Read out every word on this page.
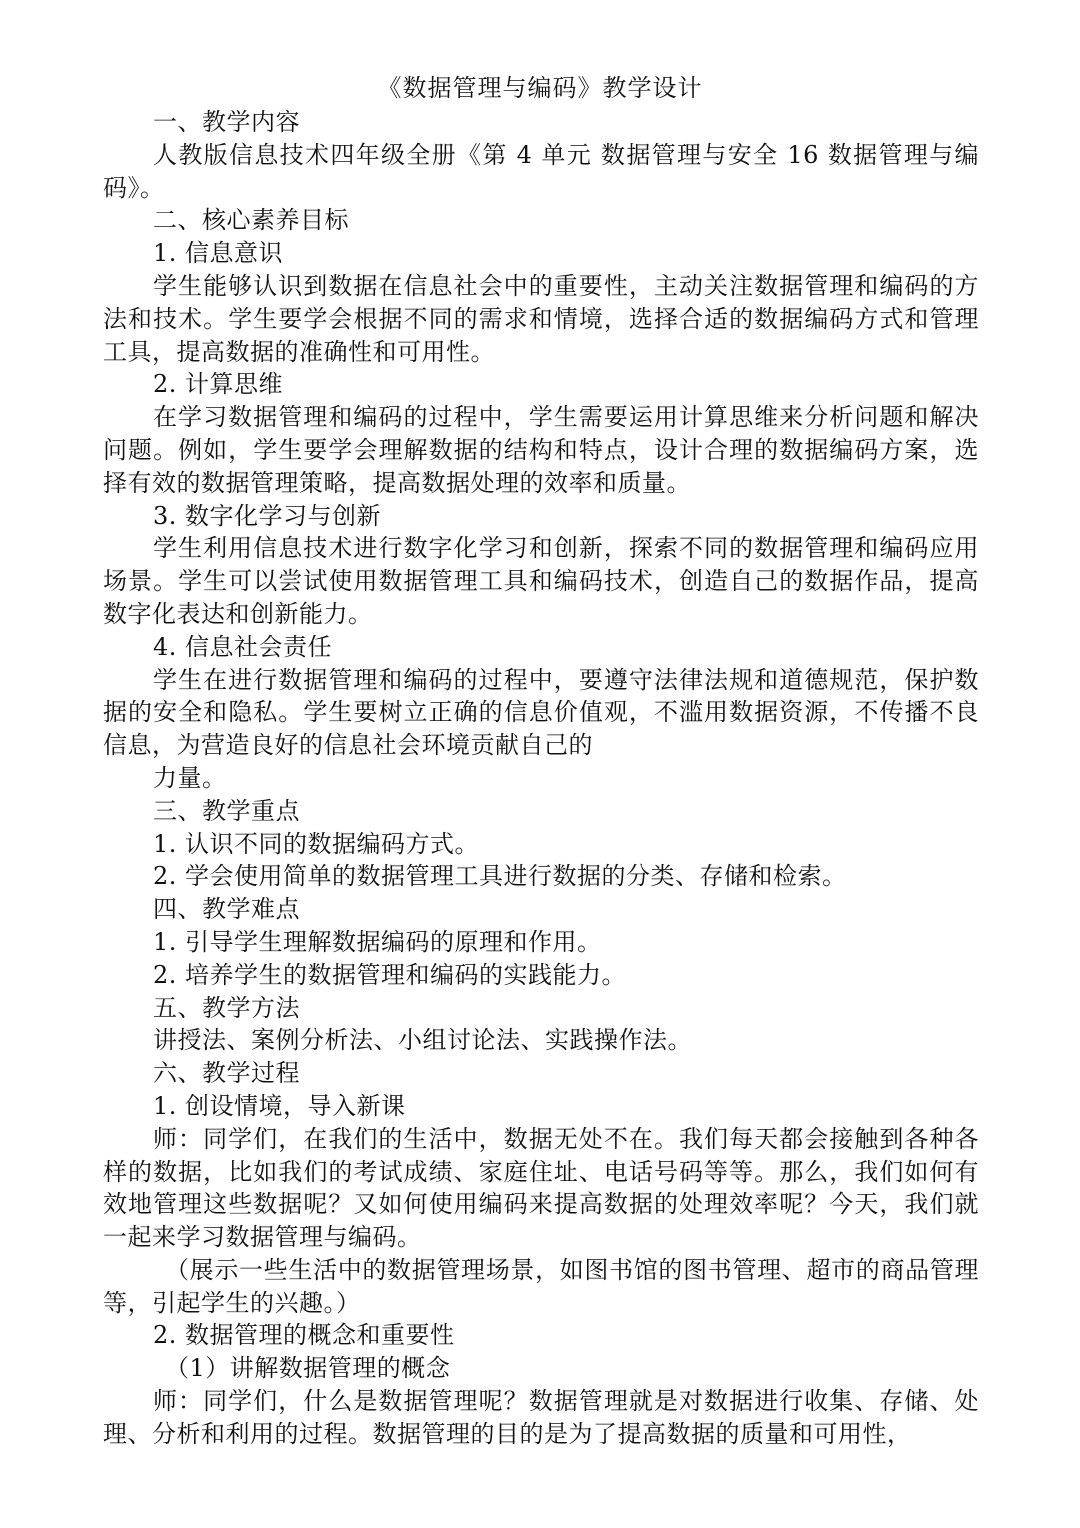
《数据管理与编码》教学设计

一、教学内容

人教版信息技术四年级全册《第 4 单元 数据管理与安全 16 数据管理与编码》。

二、核心素养目标

1. 信息意识

学生能够认识到数据在信息社会中的重要性，主动关注数据管理和编码的方法和技术。学生要学会根据不同的需求和情境，选择合适的数据编码方式和管理工具，提高数据的准确性和可用性。

2. 计算思维

在学习数据管理和编码的过程中，学生需要运用计算思维来分析问题和解决问题。例如，学生要学会理解数据的结构和特点，设计合理的数据编码方案，选择有效的数据管理策略，提高数据处理的效率和质量。

3. 数字化学习与创新

学生利用信息技术进行数字化学习和创新，探索不同的数据管理和编码应用场景。学生可以尝试使用数据管理工具和编码技术，创造自己的数据作品，提高数字化表达和创新能力。

4. 信息社会责任

学生在进行数据管理和编码的过程中，要遵守法律法规和道德规范，保护数据的安全和隐私。学生要树立正确的信息价值观，不滥用数据资源，不传播不良信息，为营造良好的信息社会环境贡献自己的

力量。

三、教学重点

1. 认识不同的数据编码方式。

2. 学会使用简单的数据管理工具进行数据的分类、存储和检索。

四、教学难点

1. 引导学生理解数据编码的原理和作用。

2. 培养学生的数据管理和编码的实践能力。

五、教学方法

讲授法、案例分析法、小组讨论法、实践操作法。

六、教学过程

1. 创设情境，导入新课

师：同学们，在我们的生活中，数据无处不在。我们每天都会接触到各种各样的数据，比如我们的考试成绩、家庭住址、电话号码等等。那么，我们如何有效地管理这些数据呢？又如何使用编码来提高数据的处理效率呢？今天，我们就一起来学习数据管理与编码。

（展示一些生活中的数据管理场景，如图书馆的图书管理、超市的商品管理等，引起学生的兴趣。）

2. 数据管理的概念和重要性

（1）讲解数据管理的概念

师：同学们，什么是数据管理呢？数据管理就是对数据进行收集、存储、处理、分析和利用的过程。数据管理的目的是为了提高数据的质量和可用性，
